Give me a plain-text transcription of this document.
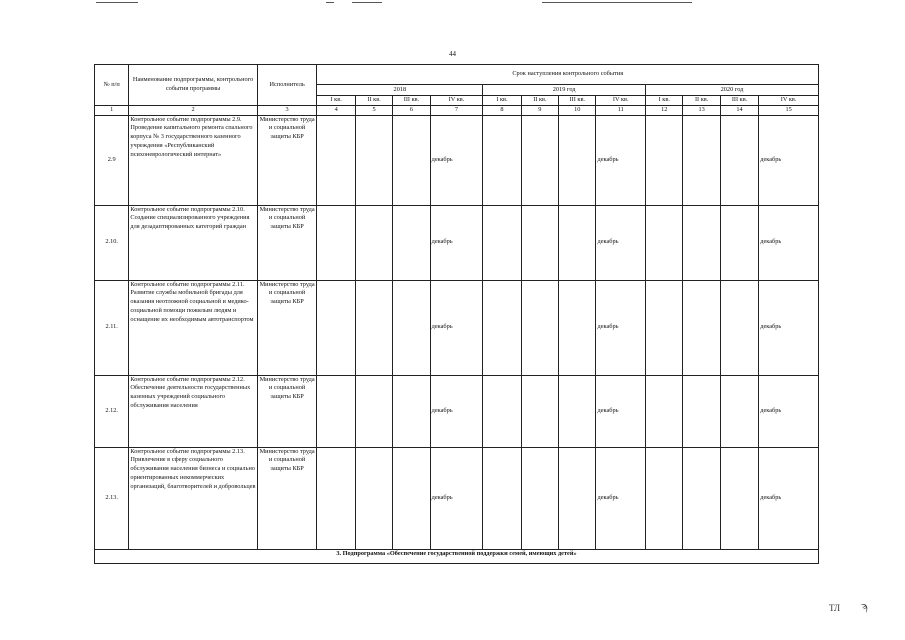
44
№ п/п	Наименование подпрограммы, контрольного события программы	Исполнитель	Срок наступления контрольного события											
			2018				2019 год				2020 год			
			I кв.	II кв.	III кв.	IV кв.	I кв.	II кв.	III кв.	IV кв.	I кв.	II кв.	III кв.	IV кв.
1	2	3	4	5	6	7	8	9	10	11	12	13	14	15
2.9	Контрольное событие подпрограммы 2.9. Проведение капитального ремонта спального корпуса № 3 государственного казенного учреждения «Республиканский психоневрологический интернат»	Министерство труда и социальной защиты КБР				декабрь				декабрь				декабрь
2.10.	Контрольное событие подпрограммы 2.10. Создание специализированного учреждения для дезадаптированных категорий граждан	Министерство труда и социальной защиты КБР				декабрь				декабрь				декабрь
2.11.	Контрольное событие подпрограммы 2.11. Развитие службы мобильной бригады для оказания неотложной социальной и медико-социальной помощи пожилым людям и оснащение их необходимым автотранспортом	Министерство труда и социальной защиты КБР				декабрь				декабрь				декабрь
2.12.	Контрольное событие подпрограммы 2.12. Обеспечение деятельности государственных казенных учреждений социального обслуживания населения	Министерство труда и социальной защиты КБР				декабрь				декабрь				декабрь
2.13.	Контрольное событие подпрограммы 2.13. Привлечение в сферу социального обслуживания населения бизнеса и социально ориентированных некоммерческих организаций, благотворителей и добровольцев	Министерство труда и социальной защиты КБР				декабрь				декабрь				декабрь
3. Подпрограмма «Обеспечение государственной поддержки семей, имеющих детей»														
ТЛ ϡ
